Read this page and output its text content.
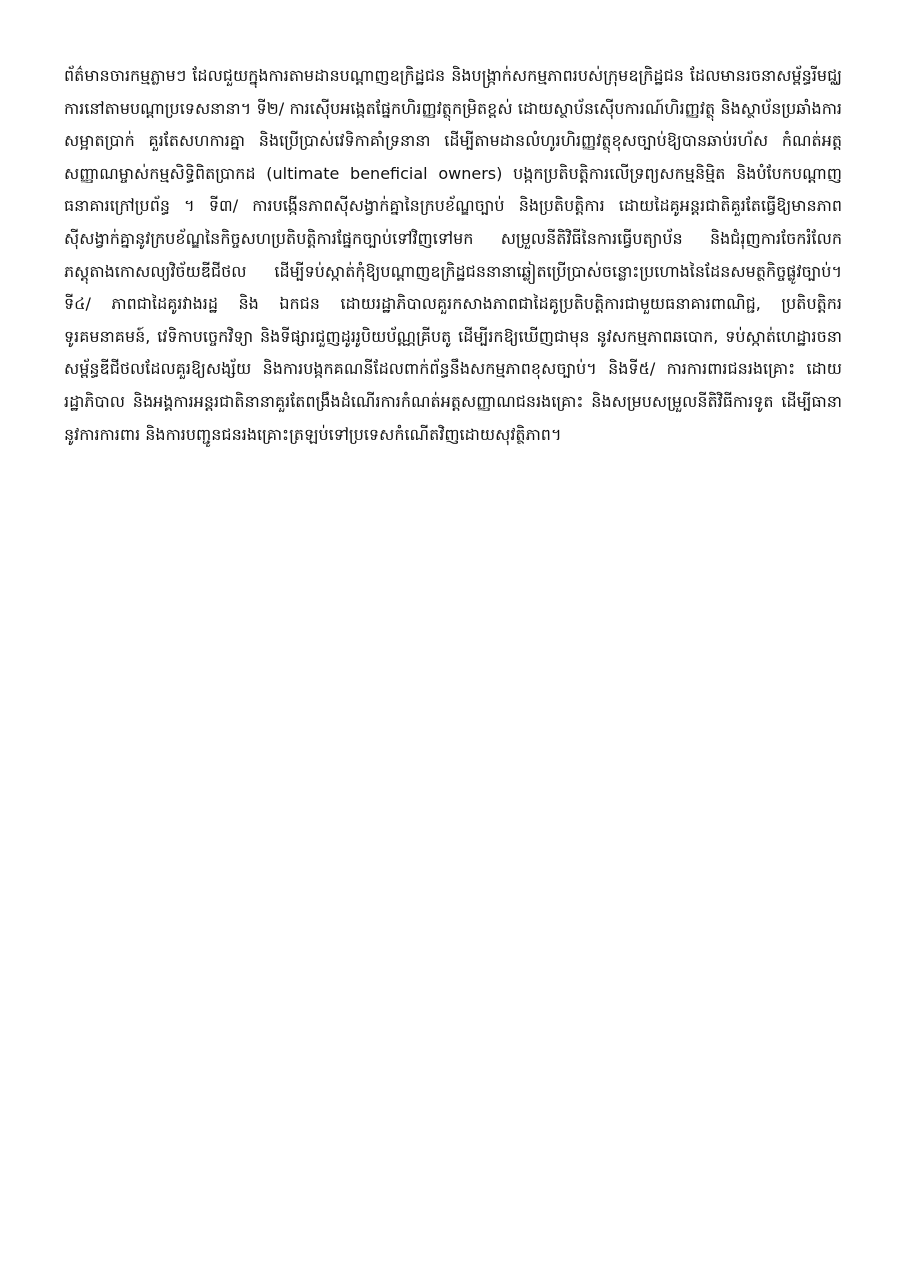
ព័ត៌មានចារកម្មភ្លាមៗ ដែលជួយក្នុងការតាមដានបណ្ដាញឧក្រិដ្ឋជន និងបង្ក្រាក់សកម្មភាពរបស់ក្រុមឧក្រិដ្ឋជន ដែលមានរចនាសម្ព័ន្ធរីមជ្ឈការនៅតាមបណ្ដាប្រទេសនានា។ ទី២/ ការស៊ើបអង្កេតផ្នែកហិរញ្ញវត្ថុកម្រិតខ្ពស់ ដោយស្ថាប័នស៊ើបការណ៍ហិរញ្ញវត្ថុ និងស្ថាប័នប្រឆាំងការសម្អាតប្រាក់ គួរតែសហការគ្នា និងប្រើប្រាស់វេទិកាគាំទ្រនានា ដើម្បីតាមដានលំហូរហិរញ្ញវត្ថុខុសច្បាប់ឱ្យបានឆាប់រហ័ស កំណត់អត្តសញ្ញាណម្ចាស់កម្មសិទ្ធិពិតប្រាកដ (ultimate beneficial owners) បង្កកប្រតិបត្តិការលើទ្រព្យសកម្មនិម្មិត និងបំបែកបណ្ដាញធនាគារក្រៅប្រព័ន្ធ ។ ទី៣/ ការបង្កើនភាពស៊ីសង្វាក់គ្នានៃក្របខ័ណ្ឌច្បាប់ និងប្រតិបត្តិការ ដោយដៃគូអន្តរជាតិគួរតែធ្វើឱ្យមានភាពស៊ីសង្វាក់គ្នានូវក្របខ័ណ្ឌនៃកិច្ចសហប្រតិបត្តិការផ្នែកច្បាប់ទៅវិញទៅមក សម្រួលនីតិវិធីនៃការធ្វើបត្យាប័ន និងជំរុញការចែករំលែកភស្តុតាងកោសល្យវិច័យឌីជីថល ដើម្បីទប់ស្កាត់កុំឱ្យបណ្ដាញឧក្រិដ្ឋជននានាឆ្លៀតប្រើប្រាស់ចន្លោះប្រហោងនៃដែនសមត្ថកិច្ចផ្លូវច្បាប់។ ទី៤/ ភាពជាដៃគូរវាងរដ្ឋ និង ឯកជន ដោយរដ្ឋាភិបាលគួរកសាងភាពជាដៃគូប្រតិបត្តិការជាមួយធនាគារពាណិជ្ជ, ប្រតិបត្តិករទូរគមនាគមន៍, វេទិកាបច្ចេកវិទ្យា និងទីផ្សារជួញដូររូបិយប័ណ្ណគ្រីបតូ ដើម្បីរកឱ្យឃើញជាមុន នូវសកម្មភាពឆបោក, ទប់ស្កាត់ហេដ្ឋារចនាសម្ព័ន្ធឌីជីថលដែលគួរឱ្យសង្ស័យ និងការបង្កកគណនីដែលពាក់ព័ន្ធនឹងសកម្មភាពខុសច្បាប់។ និងទី៥/ ការការពារជនរងគ្រោះ ដោយ រដ្ឋាភិបាល និងអង្គការអន្តរជាតិនានាគួរតែពង្រឹងដំណើរការកំណត់អត្តសញ្ញាណជនរងគ្រោះ និងសម្របសម្រួលនីតិវិធីការទូត ដើម្បីធានានូវការការពារ និងការបញ្ជូនជនរងគ្រោះត្រឡប់ទៅប្រទេសកំណើតវិញដោយសុវត្ថិភាព។
